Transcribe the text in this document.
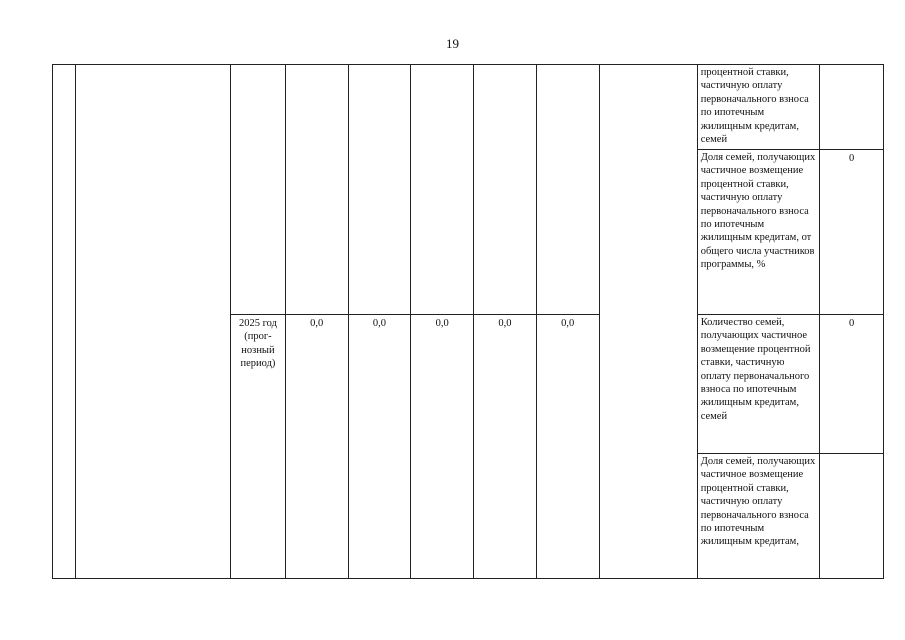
19

									процентной ставки, частичную оплату первоначального взноса по ипотечным жилищным кредитам, семей	

									Доля семей, получающих частичное возмещение процентной ставки, частичную оплату первоначального взноса по ипотечным жилищным кредитам, от общего числа участников программы, %	0

		2025 год (прог-нозный период)	0,0	0,0	0,0	0,0	0,0		Количество семей, получающих частичное возмещение процентной ставки, частичную оплату первоначального взноса по ипотечным жилищным кредитам, семей	0

									Доля семей, получающих частичное возмещение процентной ставки, частичную оплату первоначального взноса по ипотечным жилищным кредитам,	
